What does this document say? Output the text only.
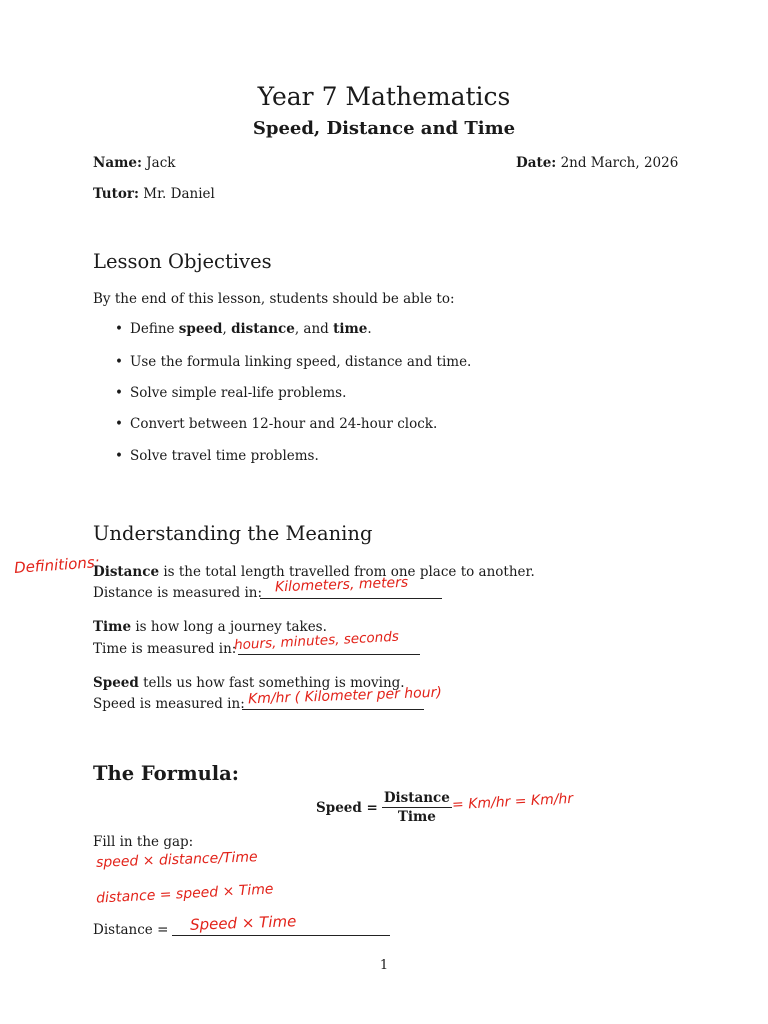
Year 7 Mathematics
Speed, Distance and Time
Name: Jack	Date: 2nd March, 2026
Tutor: Mr. Daniel
Lesson Objectives
By the end of this lesson, students should be able to:
• Define speed, distance, and time.
• Use the formula linking speed, distance and time.
• Solve simple real-life problems.
• Convert between 12-hour and 24-hour clock.
• Solve travel time problems.
Understanding the Meaning
Definitions:
Distance is the total length travelled from one place to another.
Distance is measured in: Kilometers, meters
Time is how long a journey takes.
Time is measured in:
hours, minutes, seconds
Speed tells us how fast something is moving.
Speed is measured in: Km/hr ( Kilometer per hour)
The Formula:
Speed = $\frac{\text{Distance}}{\text{Time}} = Km/hr = Km/hr$
Fill in the gap:
speed × distance/Time
distance = speed × Time
Distance = Speed × Time
1
